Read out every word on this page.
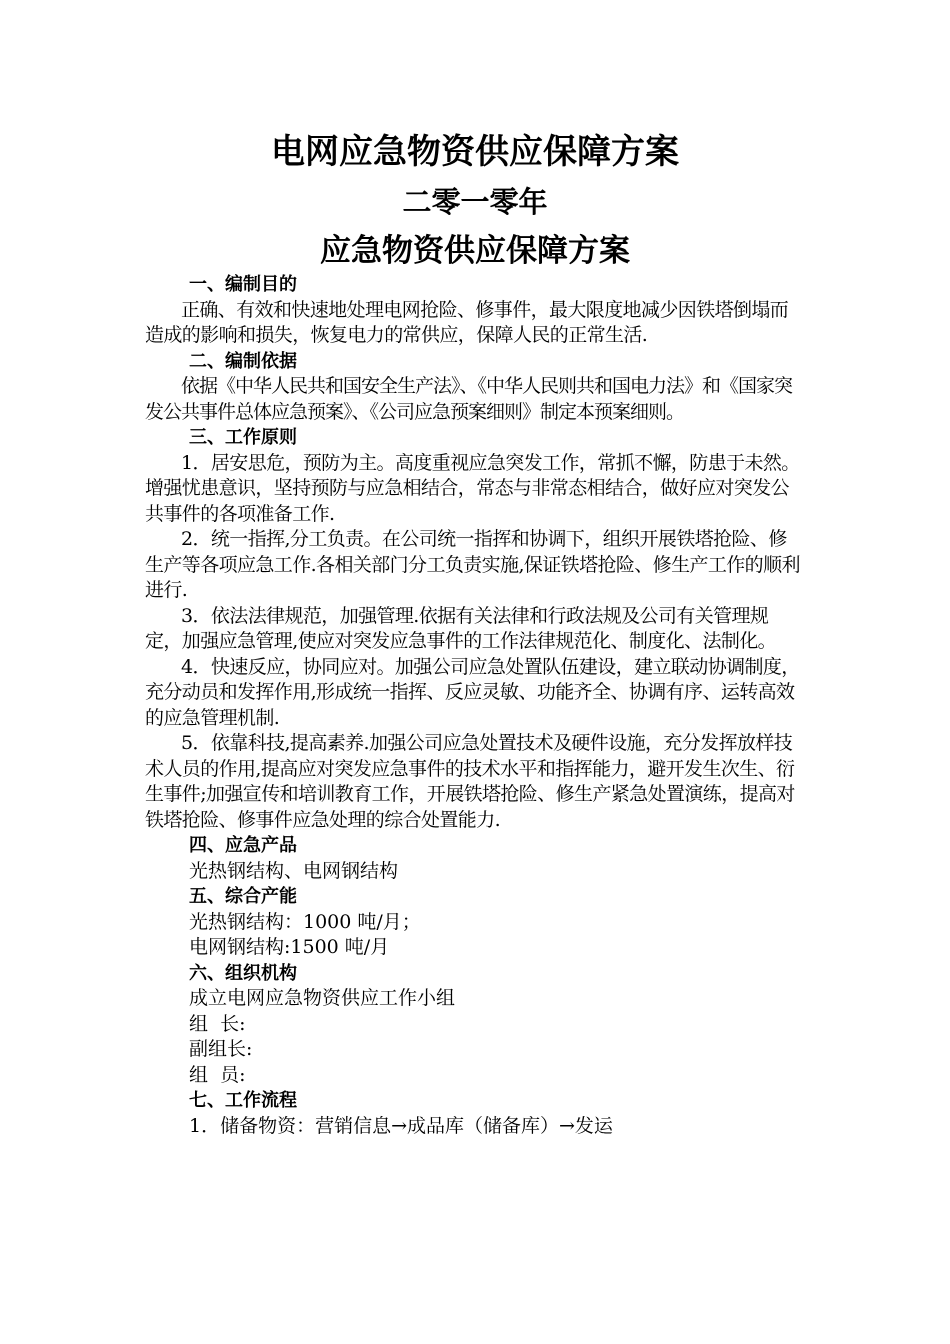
电网应急物资供应保障方案
二零一零年
应急物资供应保障方案
一、编制目的
正确、有效和快速地处理电网抢险、修事件，最大限度地减少因铁塔倒塌而造成的影响和损失，恢复电力的常供应，保障人民的正常生活.
二、编制依据
依据《中华人民共和国安全生产法》、《中华人民则共和国电力法》和《国家突发公共事件总体应急预案》、《公司应急预案细则》制定本预案细则。
三、工作原则
1．居安思危，预防为主。高度重视应急突发工作，常抓不懈，防患于未然。增强忧患意识，坚持预防与应急相结合，常态与非常态相结合，做好应对突发公共事件的各项准备工作.
2．统一指挥,分工负责。在公司统一指挥和协调下，组织开展铁塔抢险、修生产等各项应急工作.各相关部门分工负责实施,保证铁塔抢险、修生产工作的顺利进行.
3．依法法律规范，加强管理.依据有关法律和行政法规及公司有关管理规定，加强应急管理,使应对突发应急事件的工作法律规范化、制度化、法制化。
4．快速反应，协同应对。加强公司应急处置队伍建设，建立联动协调制度，充分动员和发挥作用,形成统一指挥、反应灵敏、功能齐全、协调有序、运转高效的应急管理机制.
5．依靠科技,提高素养.加强公司应急处置技术及硬件设施，充分发挥放样技术人员的作用,提高应对突发应急事件的技术水平和指挥能力，避开发生次生、衍生事件;加强宣传和培训教育工作，开展铁塔抢险、修生产紧急处置演练，提高对铁塔抢险、修事件应急处理的综合处置能力.
四、应急产品
光热钢结构、电网钢结构
五、综合产能
光热钢结构：1000 吨/月；
电网钢结构:1500 吨/月
六、组织机构
成立电网应急物资供应工作小组
组  长:
副组长:
组  员:
七、工作流程
1．储备物资：营销信息→成品库（储备库）→发运
